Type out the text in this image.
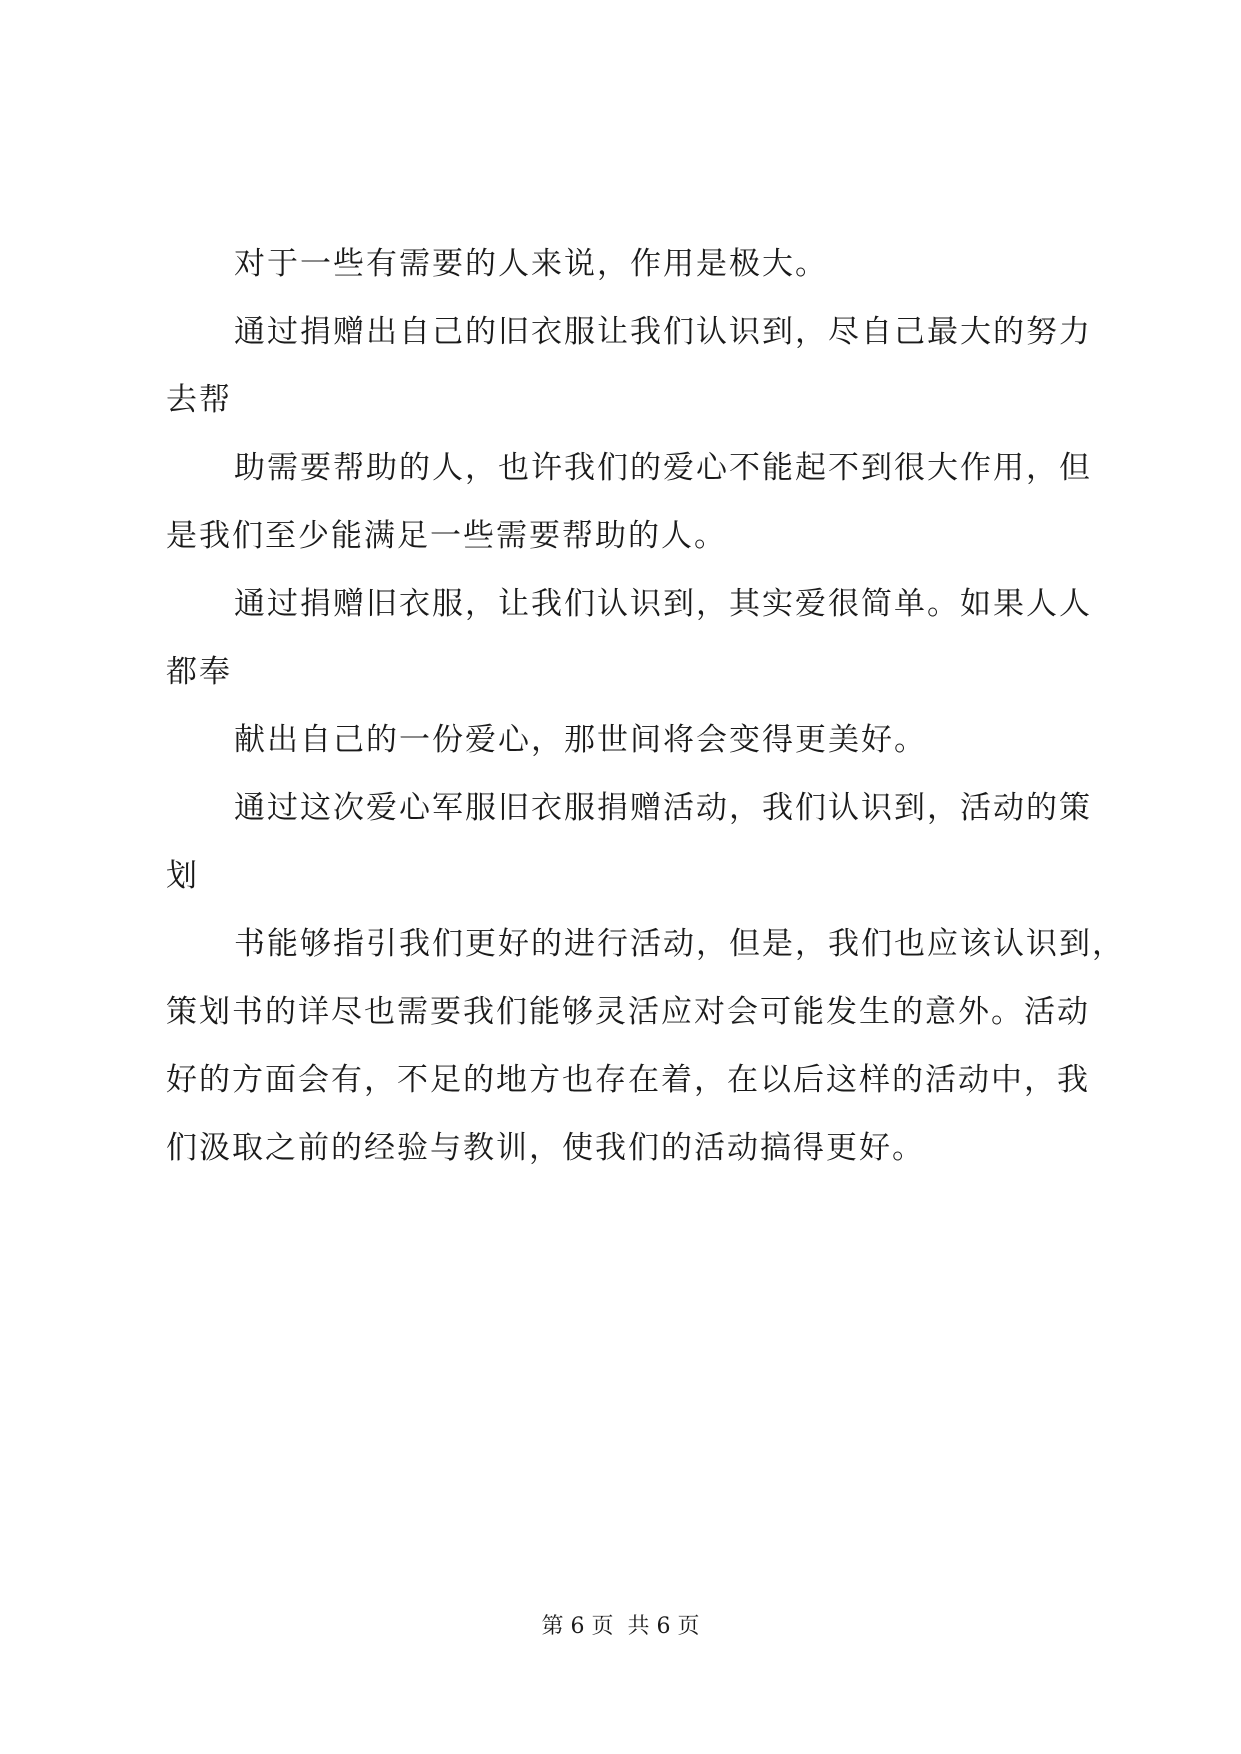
对于一些有需要的人来说，作用是极大。
通过捐赠出自己的旧衣服让我们认识到，尽自己最大的努力
去帮
助需要帮助的人，也许我们的爱心不能起不到很大作用，但
是我们至少能满足一些需要帮助的人。
通过捐赠旧衣服，让我们认识到，其实爱很简单。如果人人
都奉
献出自己的一份爱心，那世间将会变得更美好。
通过这次爱心军服旧衣服捐赠活动，我们认识到，活动的策
划
书能够指引我们更好的进行活动，但是，我们也应该认识到，
策划书的详尽也需要我们能够灵活应对会可能发生的意外。活动
好的方面会有，不足的地方也存在着，在以后这样的活动中，我
们汲取之前的经验与教训，使我们的活动搞得更好。
第 6 页 共 6 页
